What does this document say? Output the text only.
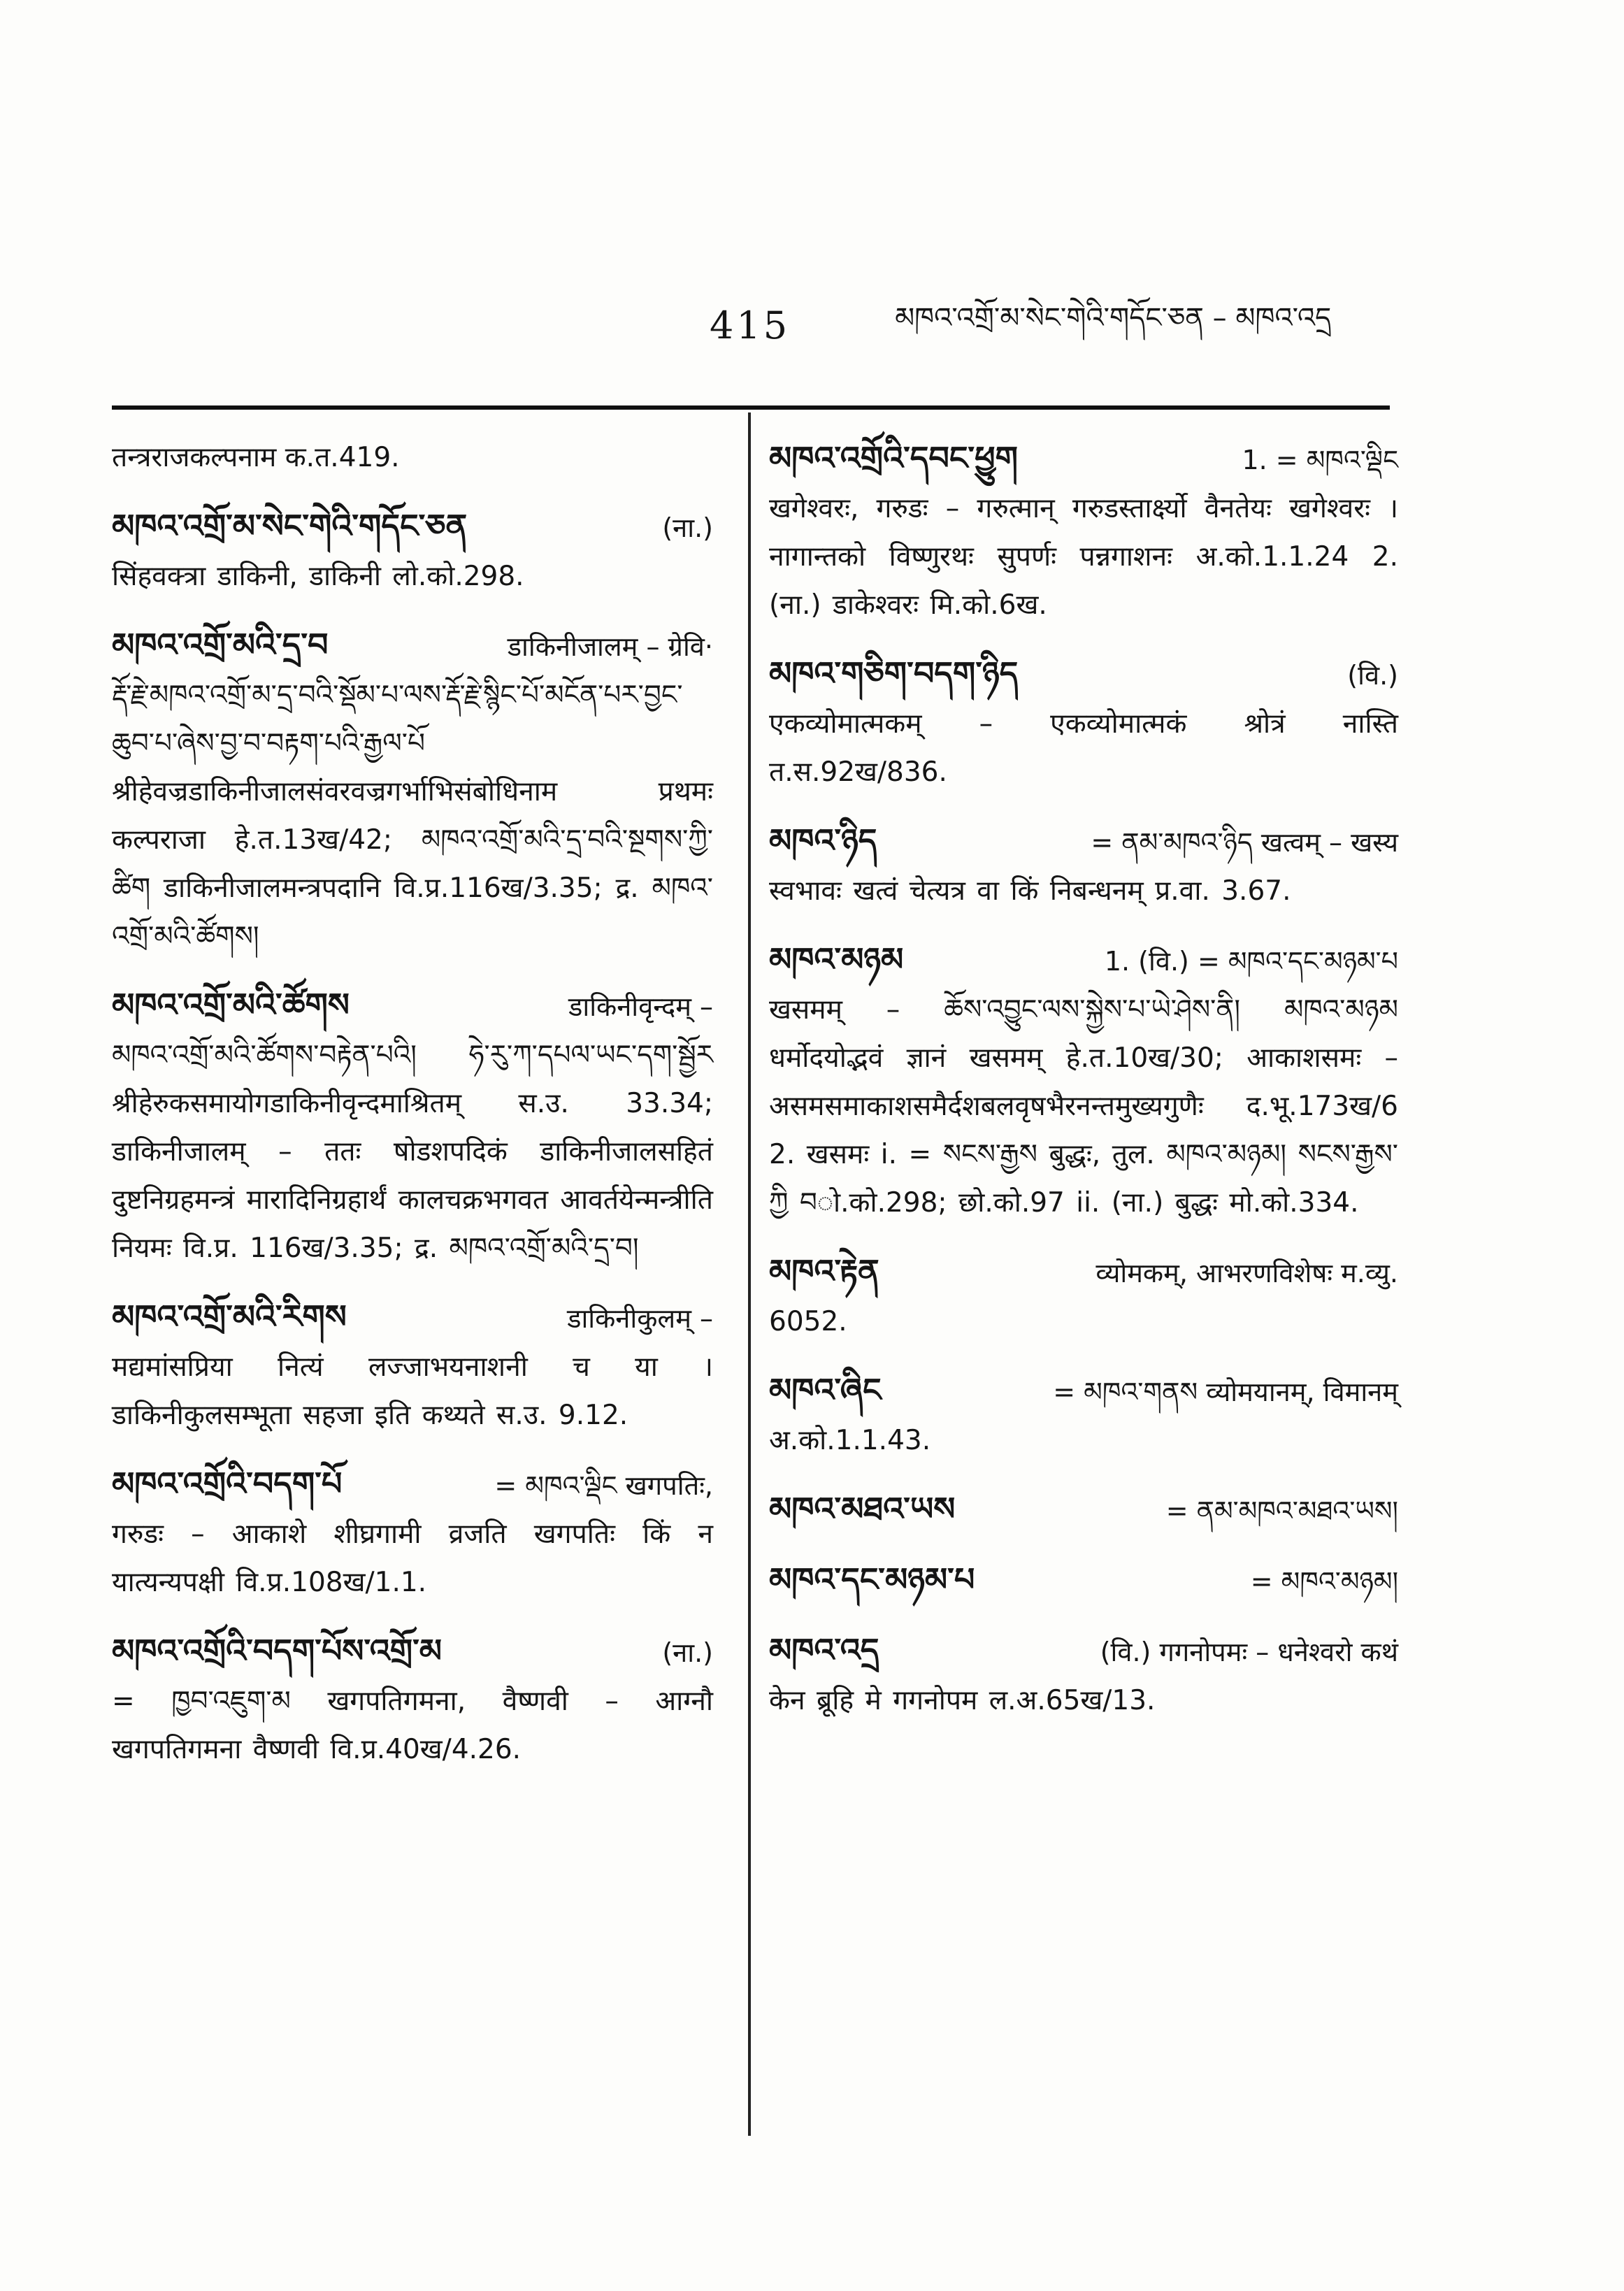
415	མཁའ་འགྲོ་མ་སེང་གེའི་གདོང་ཅན – མཁའ་འདྲ
तन्त्रराजकल्पनाम क.त.419.
མཁའ་འགྲོ་མ་སེང་གེའི་གདོང་ཅན	(ना.)
सिंहवक्त्रा डाकिनी, डाकिनी लो.को.298.
མཁའ་འགྲོ་མའི་དྲ་བ	डाकिनीजालम् – ग्रेवि·
རྡོ་རྗེ་མཁའ་འགྲོ་མ་དྲ་བའི་སྡོམ་པ་ལས་རྡོ་རྗེ་སྙིང་པོ་མངོན་པར་བྱང་ཆུབ་པ་ཞེས་བྱ་བ་བརྟག་པའི་རྒྱལ་པོ श्रीहेवज्रडाकिनीजालसंवरवज्रगर्भाभिसंबोधिनाम प्रथमः कल्पराजा हे.त.13ख/42; མཁའ་འགྲོ་མའི་དྲ་བའི་སྔགས་ཀྱི་ཚིག डाकिनीजालमन्त्रपदानि वि.प्र.116ख/3.35; द्र. མཁའ་འགྲོ་མའི་ཚོགས།
མཁའ་འགྲོ་མའི་ཚོགས	डाकिनीवृन्दम् –
མཁའ་འགྲོ་མའི་ཚོགས་བརྟེན་པའི། ཧེ་རུ་ཀ་དཔལ་ཡང་དག་སྦྱོར श्रीहेरुकसमायोगडाकिनीवृन्दमाश्रितम् स.उ. 33.34; डाकिनीजालम् – ततः षोडशपदिकं डाकिनीजालसहितं दुष्टनिग्रहमन्त्रं मारादिनिग्रहार्थं कालचक्रभगवत आवर्तयेन्मन्त्रीति नियमः वि.प्र. 116ख/3.35; द्र. མཁའ་འགྲོ་མའི་དྲ་བ།
མཁའ་འགྲོ་མའི་རིགས	डाकिनीकुलम् –
मद्यमांसप्रिया नित्यं लज्जाभयनाशनी च या । डाकिनीकुलसम्भूता सहजा इति कथ्यते स.उ. 9.12.
མཁའ་འགྲོའི་བདག་པོ	= མཁའ་ལྡིང खगपतिः,
गरुडः – आकाशे शीघ्रगामी व्रजति खगपतिः किं न यात्यन्यपक्षी वि.प्र.108ख/1.1.
མཁའ་འགྲོའི་བདག་པོས་འགྲོ་མ	(ना.)
= ཁྱབ་འཇུག་མ खगपतिगमना, वैष्णवी – आग्नौ खगपतिगमना वैष्णवी वि.प्र.40ख/4.26.
མཁའ་འགྲོའི་དབང་ཕྱུག	1. = མཁའ་ལྡིང
खगेश्वरः, गरुडः – गरुत्मान् गरुडस्तार्क्ष्यो वैनतेयः खगेश्वरः । नागान्तको विष्णुरथः सुपर्णः पन्नगाशनः अ.को.1.1.24 2. (ना.) डाकेश्वरः मि.को.6ख.
མཁའ་གཅིག་བདག་ཉིད	(वि.)
एकव्योमात्मकम् – एकव्योमात्मकं श्रोत्रं नास्ति त.स.92ख/836.
མཁའ་ཉིད	= ནམ་མཁའ་ཉིད खत्वम् – खस्य
स्वभावः खत्वं चेत्यत्र वा किं निबन्धनम् प्र.वा. 3.67.
མཁའ་མཉམ	1. (वि.) = མཁའ་དང་མཉམ་པ
खसमम् – ཆོས་འབྱུང་ལས་སྐྱེས་པ་ཡེ་ཤེས་ནི། མཁའ་མཉམ धर्मोदयोद्भवं ज्ञानं खसमम् हे.त.10ख/30; आकाशसमः – असमसमाकाशसमैर्दशबलवृषभैरनन्तमुख्यगुणैः द.भू.173ख/6 2. खसमः i. = སངས་རྒྱས बुद्धः, तुल. མཁའ་མཉམ། སངས་རྒྱས་ཀྱི བो.को.298; छो.को.97 ii. (ना.) बुद्धः मो.को.334.
མཁའ་རྟེན	व्योमकम्, आभरणविशेषः म.व्यु.
6052.
མཁའ་ཞིང	= མཁའ་གནས व्योमयानम्, विमानम्
अ.को.1.1.43.
མཁའ་མཐའ་ཡས	= ནམ་མཁའ་མཐའ་ཡས།
མཁའ་དང་མཉམ་པ	= མཁའ་མཉམ།
མཁའ་འདྲ	(वि.) गगनोपमः – धनेश्वरो कथं
केन ब्रूहि मे गगनोपम ल.अ.65ख/13.
